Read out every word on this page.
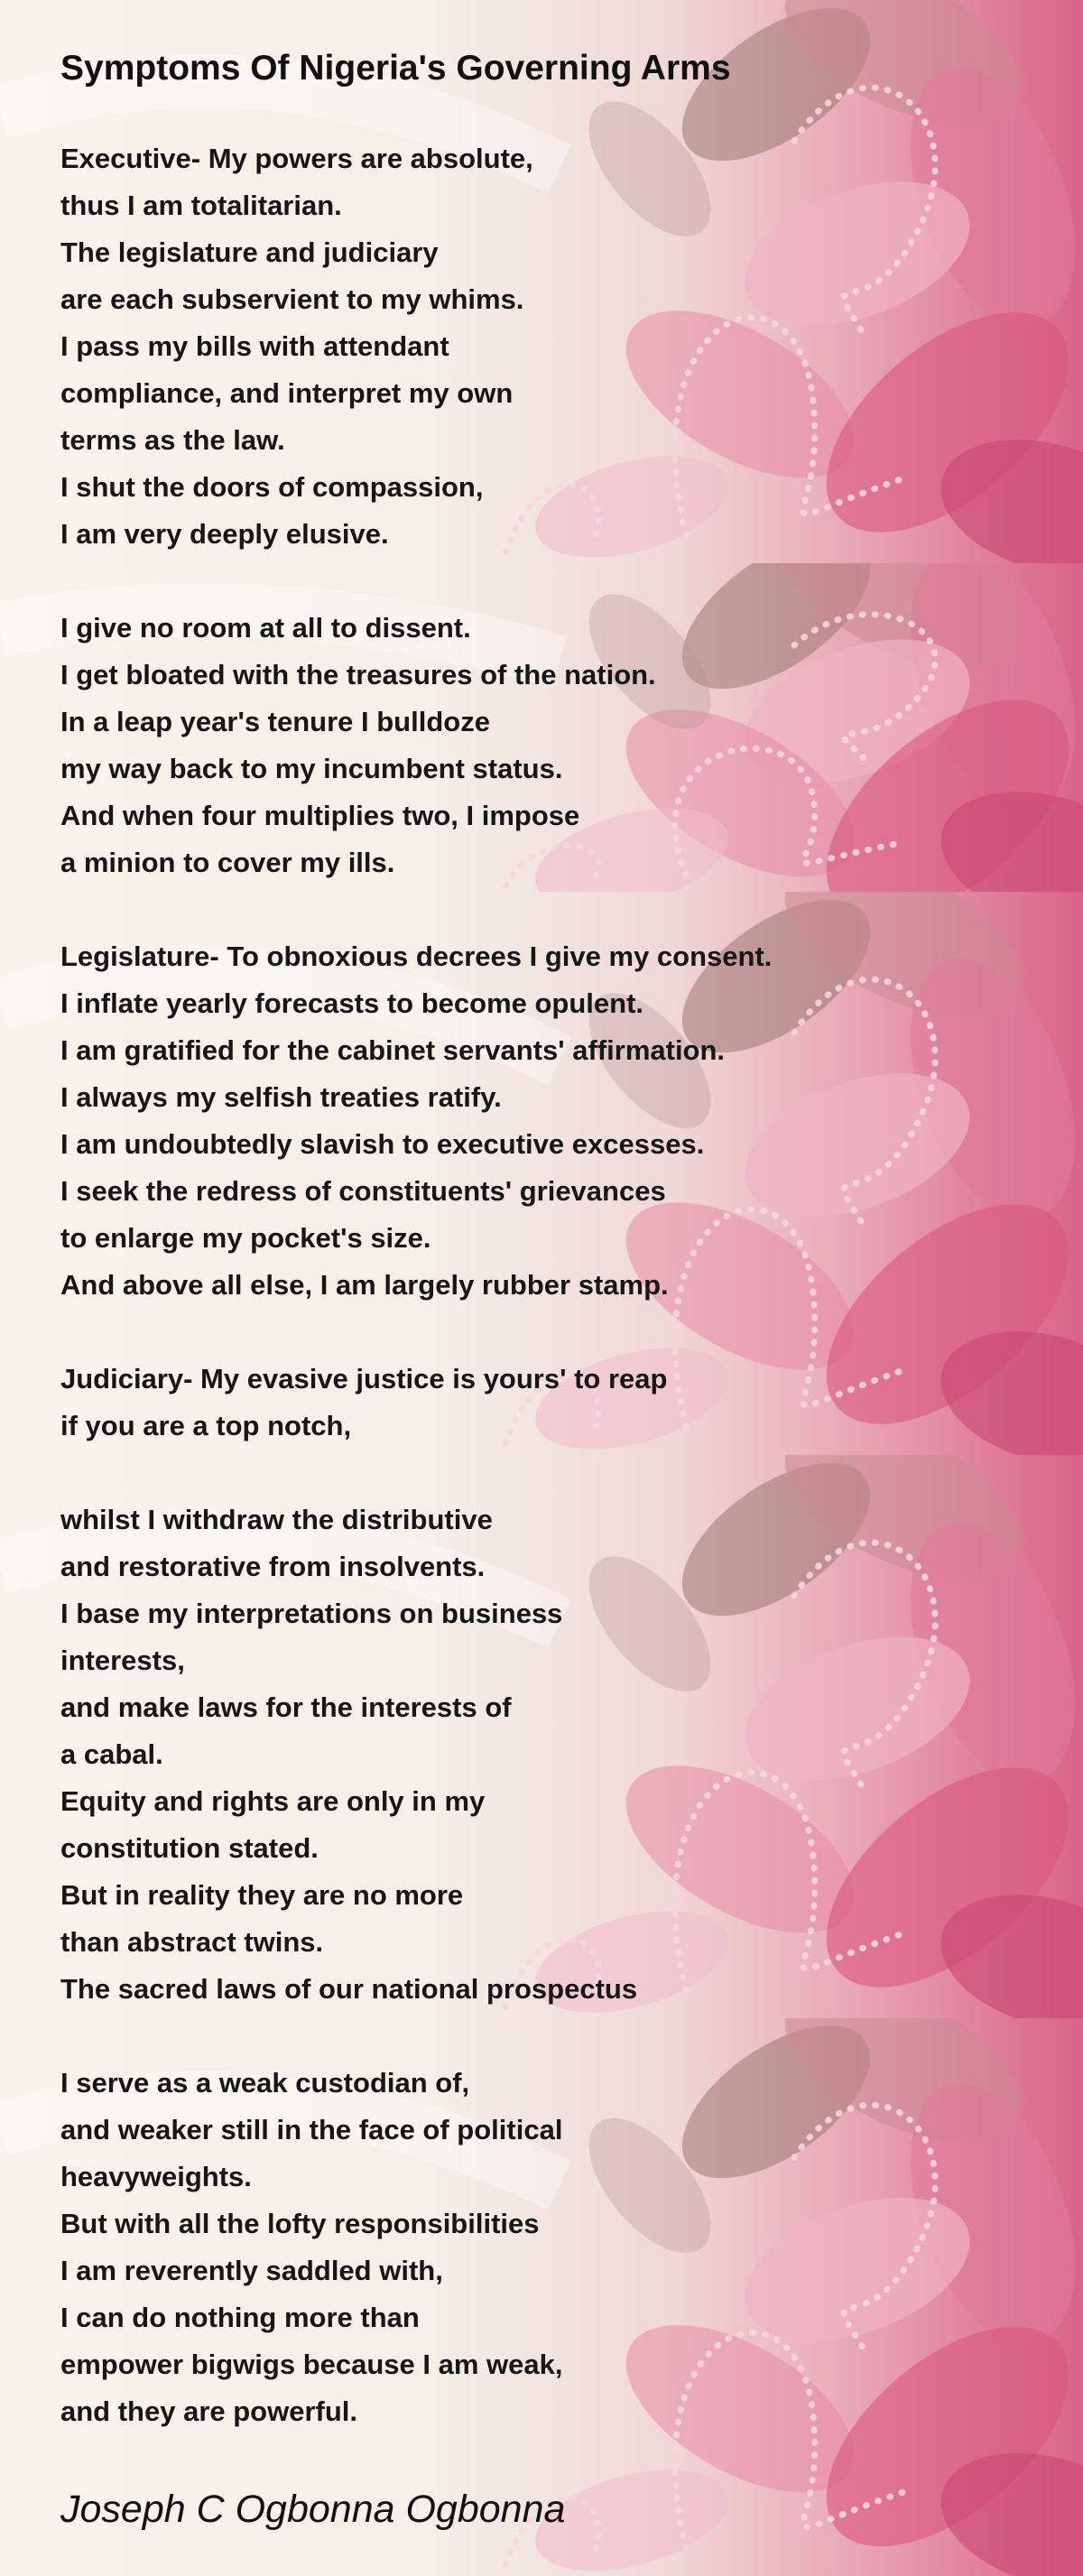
Symptoms Of Nigeria's Governing Arms

Executive- My powers are absolute,

thus I am totalitarian.

The legislature and judiciary

are each subservient to my whims.

I pass my bills with attendant

compliance, and interpret my own

terms as the law.

I shut the doors of compassion,

I am very deeply elusive.

I give no room at all to dissent.

I get bloated with the treasures of the nation.

In a leap year's tenure I bulldoze

my way back to my incumbent status.

And when four multiplies two, I impose

a minion to cover my ills.

Legislature- To obnoxious decrees I give my consent.

I inflate yearly forecasts to become opulent.

I am gratified for the cabinet servants' affirmation.

I always my selfish treaties ratify.

I am undoubtedly slavish to executive excesses.

I seek the redress of constituents' grievances

to enlarge my pocket's size.

And above all else, I am largely rubber stamp.

Judiciary- My evasive justice is yours' to reap

if you are a top notch,

whilst I withdraw the distributive

and restorative from insolvents.

I base my interpretations on business

interests,

and make laws for the interests of

a cabal.

Equity and rights are only in my

constitution stated.

But in reality they are no more

than abstract twins.

The sacred laws of our national prospectus

I serve as a weak custodian of,

and weaker still in the face of political

heavyweights.

But with all the lofty responsibilities

I am reverently saddled with,

I can do nothing more than

empower bigwigs because I am weak,

and they are powerful.

Joseph C Ogbonna Ogbonna
